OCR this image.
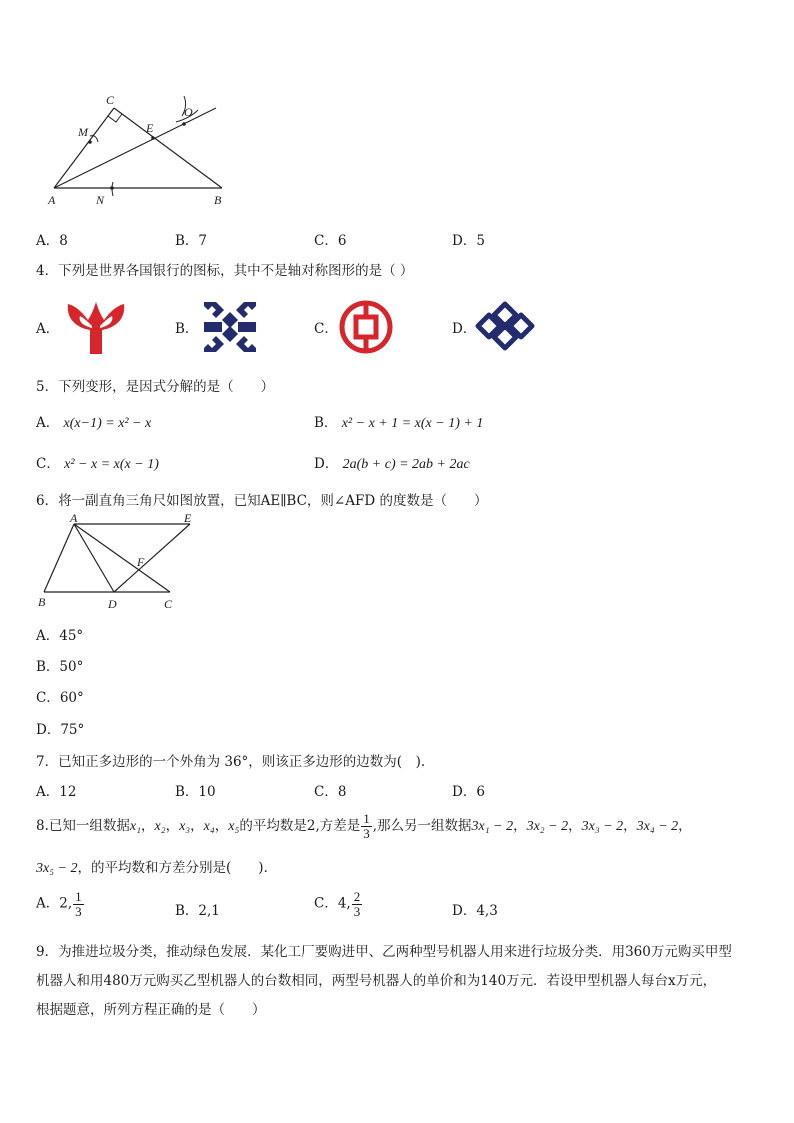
C
M	E
O
A	N	B
A．8	B．7	C．6	D．5
4．下列是世界各国银行的图标，其中不是轴对称图形的是（ ）
A．	B．	C．	D．
5．下列变形，是因式分解的是（　　）
A． x(x−1) = x² − x	B． x² − x + 1 = x(x − 1) + 1
C． x² − x = x(x − 1)	D． 2a(b + c) = 2ab + 2ac
6．将一副直角三角尺如图放置，已知AE∥BC，则∠AFD 的度数是（　　）
A	E
F
B	D	C
A．45°
B．50°
C．60°
D．75°
7．已知正多边形的一个外角为 36°，则该正多边形的边数为(　).
A．12	B．10	C．8	D．6
8.已知一组数据x₁，x₂，x₃，x₄，x₅的平均数是2,方差是 $\frac{1}{3}$ ,那么另一组数据3x₁ − 2，3x₂ − 2，3x₃ − 2，3x₄ − 2，
3x₅ − 2，的平均数和方差分别是(　　)．
A．2, $\frac{1}{3}$	B．2,1	C．4, $\frac{2}{3}$	D．4,3
9．为推进垃圾分类，推动绿色发展．某化工厂要购进甲、乙两种型号机器人用来进行垃圾分类．用360万元购买甲型
机器人和用480万元购买乙型机器人的台数相同，两型号机器人的单价和为140万元．若设甲型机器人每台x万元，
根据题意，所列方程正确的是（　　）
